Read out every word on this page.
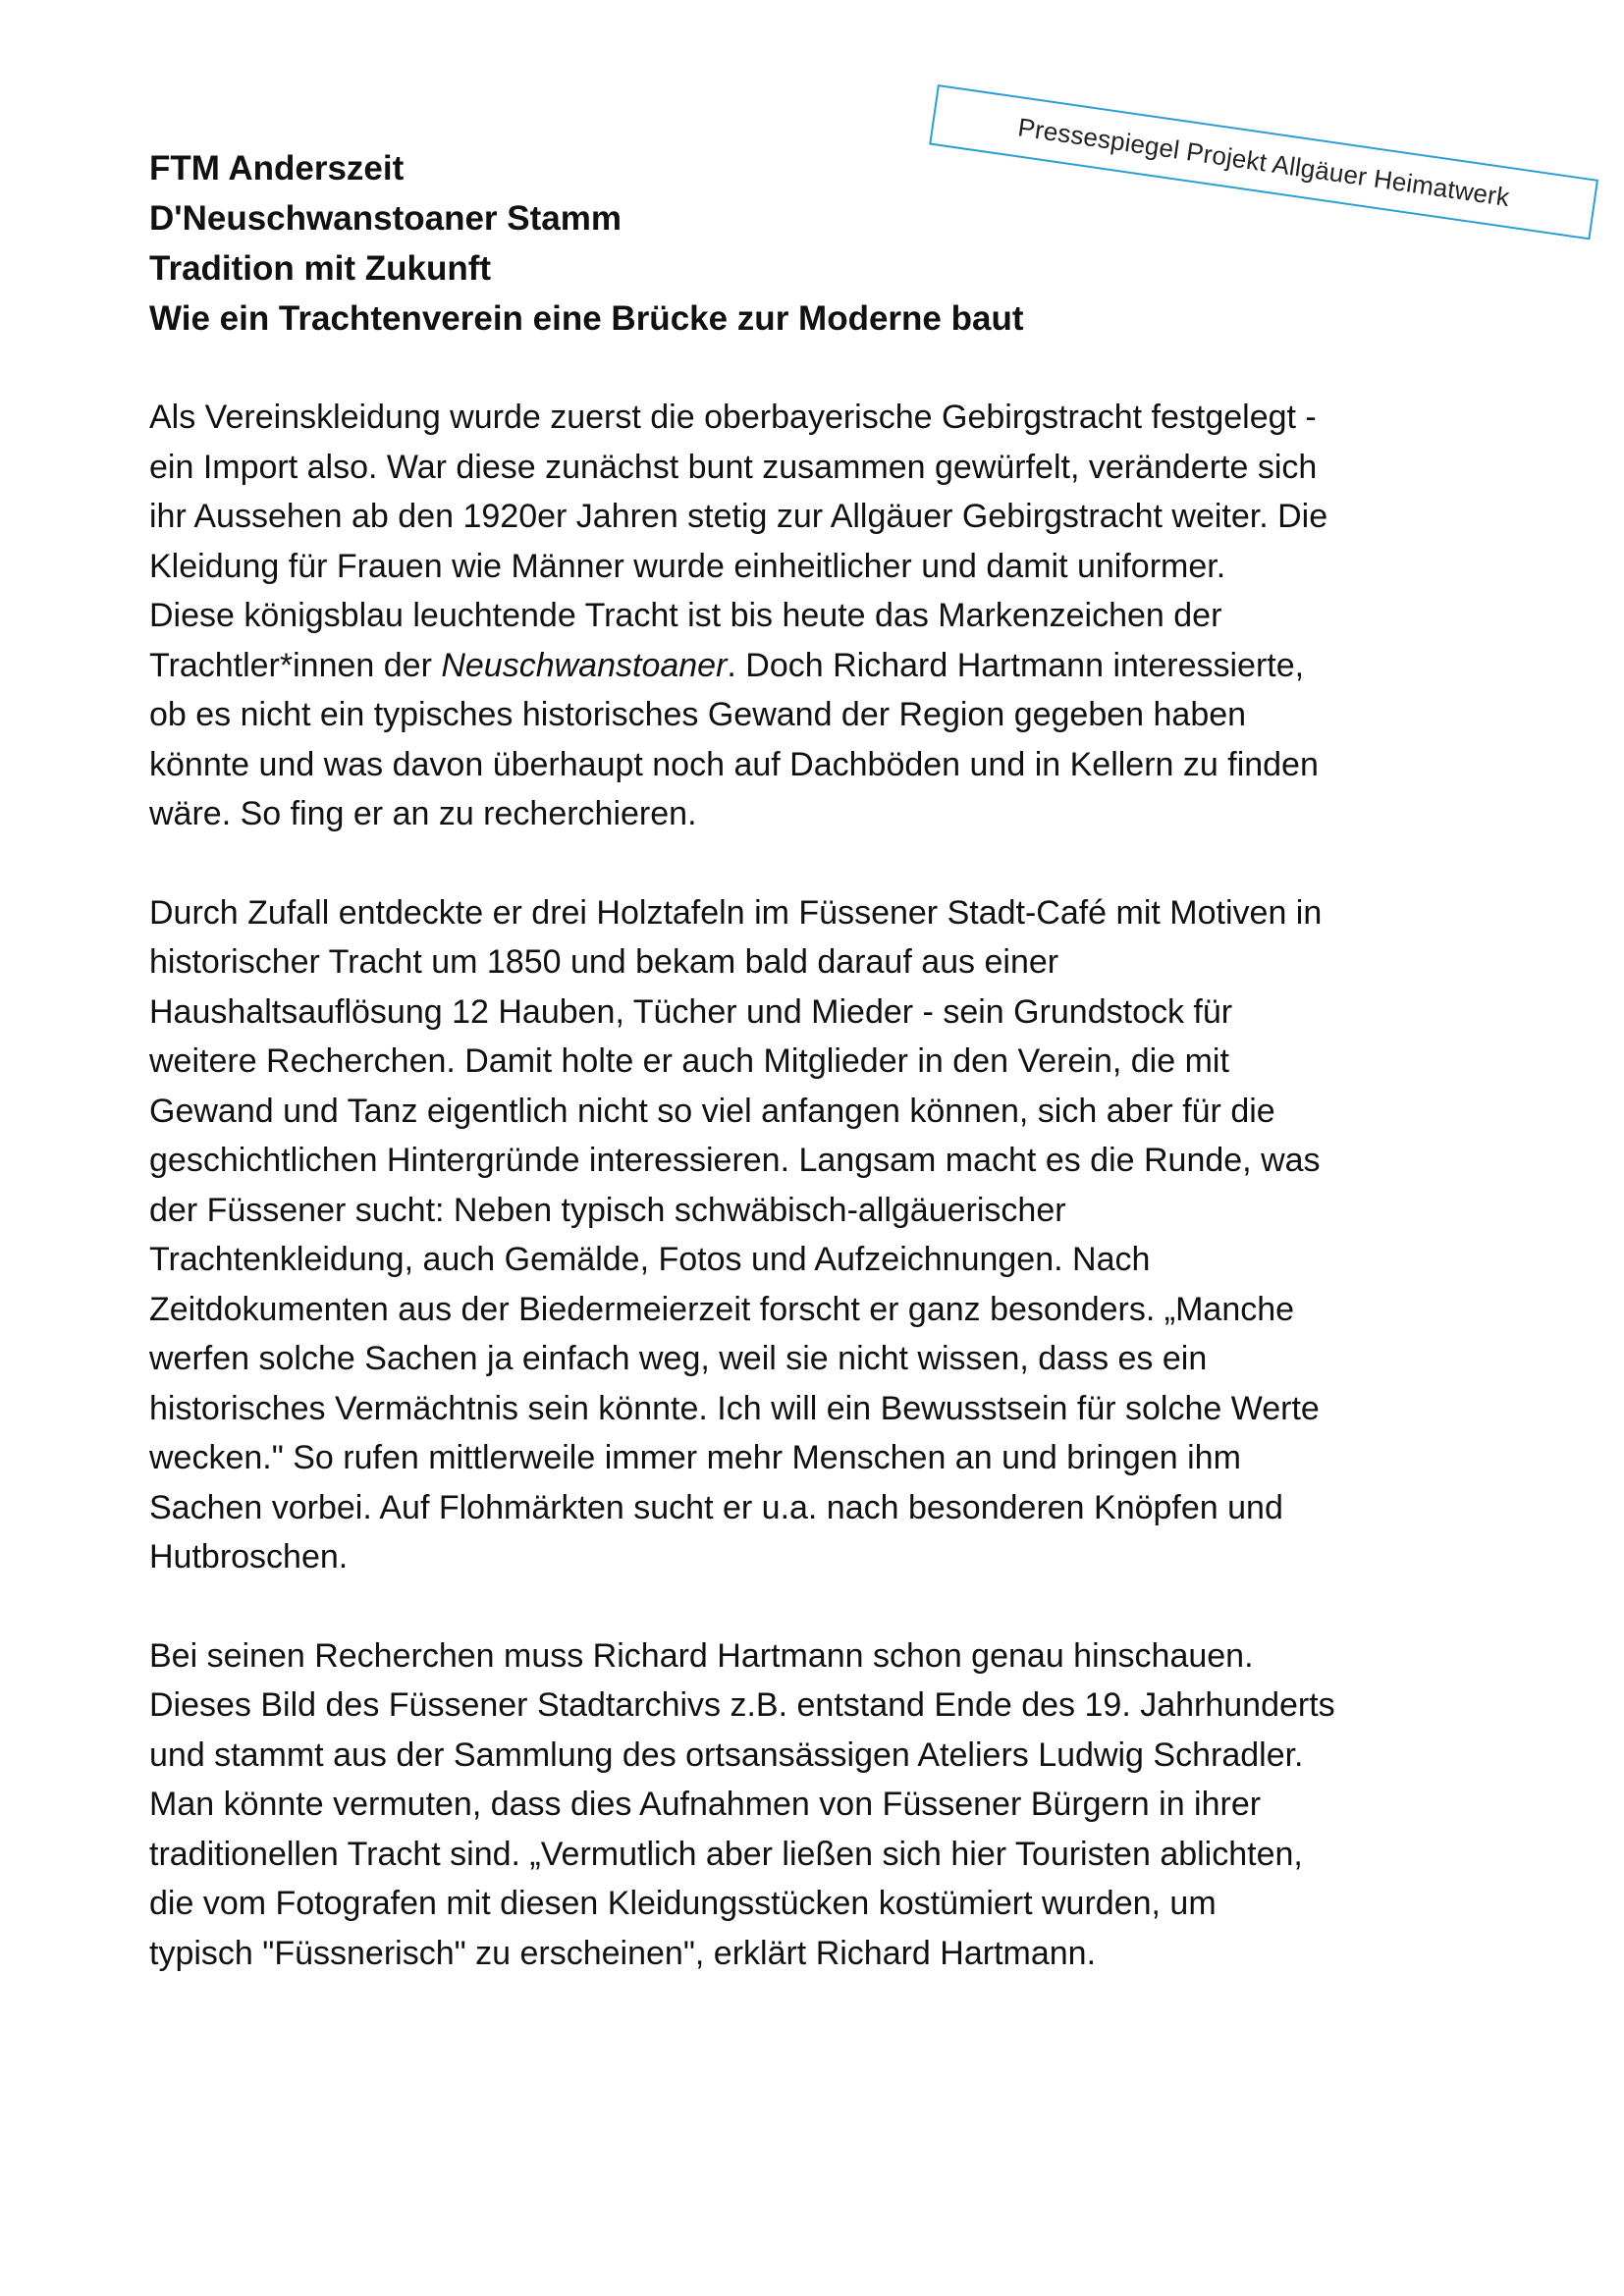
Pressespiegel Projekt Allgäuer Heimatwerk
FTM Anderszeit
D'Neuschwanstoaner Stamm
Tradition mit Zukunft
Wie ein Trachtenverein eine Brücke zur Moderne baut
Als Vereinskleidung wurde zuerst die oberbayerische Gebirgstracht festgelegt -
ein Import also. War diese zunächst bunt zusammen gewürfelt, veränderte sich
ihr Aussehen ab den 1920er Jahren stetig zur Allgäuer Gebirgstracht weiter. Die
Kleidung für Frauen wie Männer wurde einheitlicher und damit uniformer.
Diese königsblau leuchtende Tracht ist bis heute das Markenzeichen der
Trachtler*innen der Neuschwanstoaner. Doch Richard Hartmann interessierte,
ob es nicht ein typisches historisches Gewand der Region gegeben haben
könnte und was davon überhaupt noch auf Dachböden und in Kellern zu finden
wäre. So fing er an zu recherchieren.
Durch Zufall entdeckte er drei Holztafeln im Füssener Stadt-Café mit Motiven in
historischer Tracht um 1850 und bekam bald darauf aus einer
Haushaltsauflösung 12 Hauben, Tücher und Mieder - sein Grundstock für
weitere Recherchen. Damit holte er auch Mitglieder in den Verein, die mit
Gewand und Tanz eigentlich nicht so viel anfangen können, sich aber für die
geschichtlichen Hintergründe interessieren. Langsam macht es die Runde, was
der Füssener sucht: Neben typisch schwäbisch-allgäuerischer
Trachtenkleidung, auch Gemälde, Fotos und Aufzeichnungen. Nach
Zeitdokumenten aus der Biedermeierzeit forscht er ganz besonders. „Manche
werfen solche Sachen ja einfach weg, weil sie nicht wissen, dass es ein
historisches Vermächtnis sein könnte. Ich will ein Bewusstsein für solche Werte
wecken." So rufen mittlerweile immer mehr Menschen an und bringen ihm
Sachen vorbei. Auf Flohmärkten sucht er u.a. nach besonderen Knöpfen und
Hutbroschen.
Bei seinen Recherchen muss Richard Hartmann schon genau hinschauen.
Dieses Bild des Füssener Stadtarchivs z.B. entstand Ende des 19. Jahrhunderts
und stammt aus der Sammlung des ortsansässigen Ateliers Ludwig Schradler.
Man könnte vermuten, dass dies Aufnahmen von Füssener Bürgern in ihrer
traditionellen Tracht sind. „Vermutlich aber ließen sich hier Touristen ablichten,
die vom Fotografen mit diesen Kleidungsstücken kostümiert wurden, um
typisch "Füssnerisch" zu erscheinen", erklärt Richard Hartmann.
